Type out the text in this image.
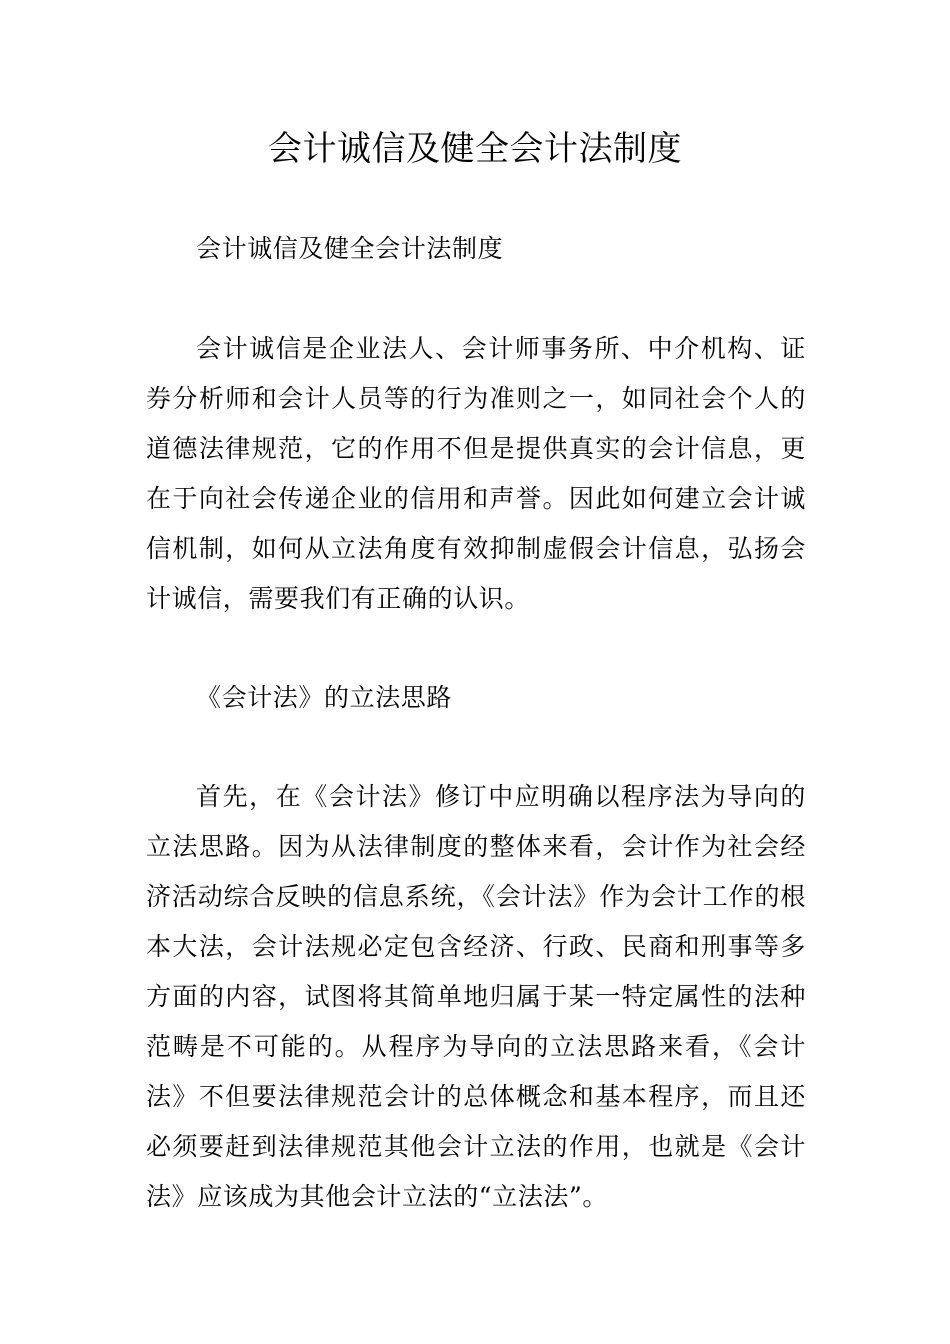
会计诚信及健全会计法制度

会计诚信及健全会计法制度

会计诚信是企业法人、会计师事务所、中介机构、证券分析师和会计人员等的行为准则之一，如同社会个人的道德法律规范，它的作用不但是提供真实的会计信息，更在于向社会传递企业的信用和声誉。因此如何建立会计诚信机制，如何从立法角度有效抑制虚假会计信息，弘扬会计诚信，需要我们有正确的认识。

《会计法》的立法思路

首先，在《会计法》修订中应明确以程序法为导向的立法思路。因为从法律制度的整体来看，会计作为社会经济活动综合反映的信息系统，《会计法》作为会计工作的根本大法，会计法规必定包含经济、行政、民商和刑事等多方面的内容，试图将其简单地归属于某一特定属性的法种范畴是不可能的。从程序为导向的立法思路来看，《会计法》不但要法律规范会计的总体概念和基本程序，而且还必须要赶到法律规范其他会计立法的作用，也就是《会计法》应该成为其他会计立法的“立法法”。
